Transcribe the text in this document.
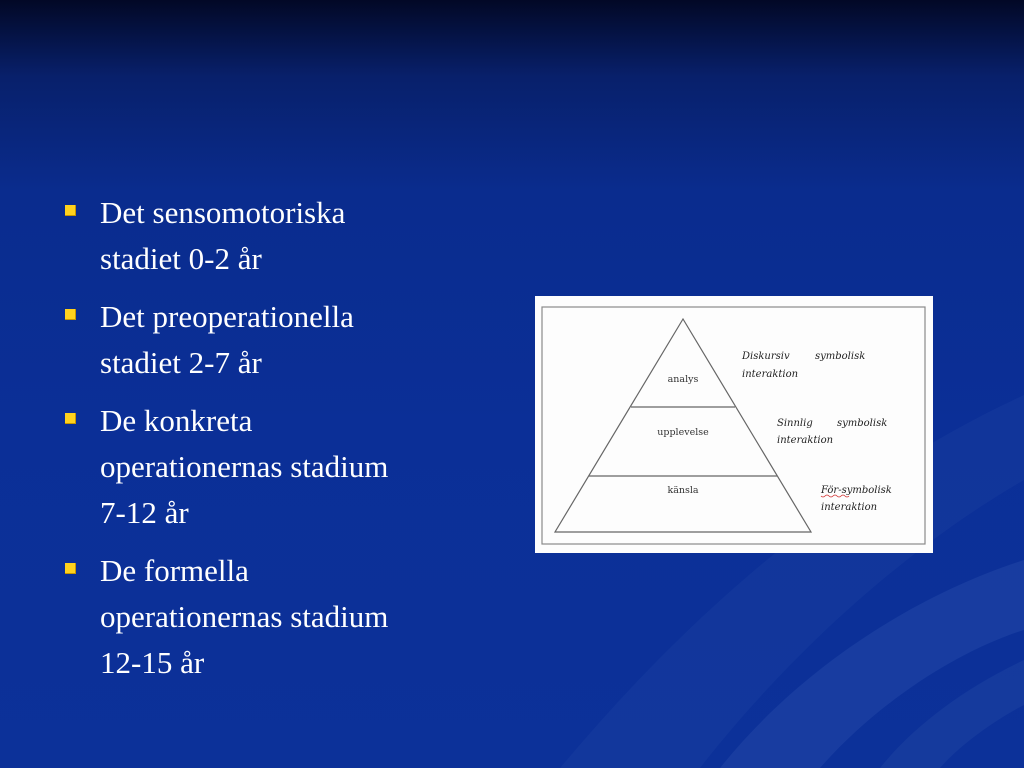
Det sensomotoriska
stadiet 0-2 år
Det preoperationella
stadiet 2-7 år
De konkreta
operationernas stadium
7-12 år
De formella
operationernas stadium
12-15 år
analys
upplevelse
känsla
Diskursiv	symbolisk
interaktion
Sinnlig symbolisk
interaktion
För-symbolisk
interaktion
